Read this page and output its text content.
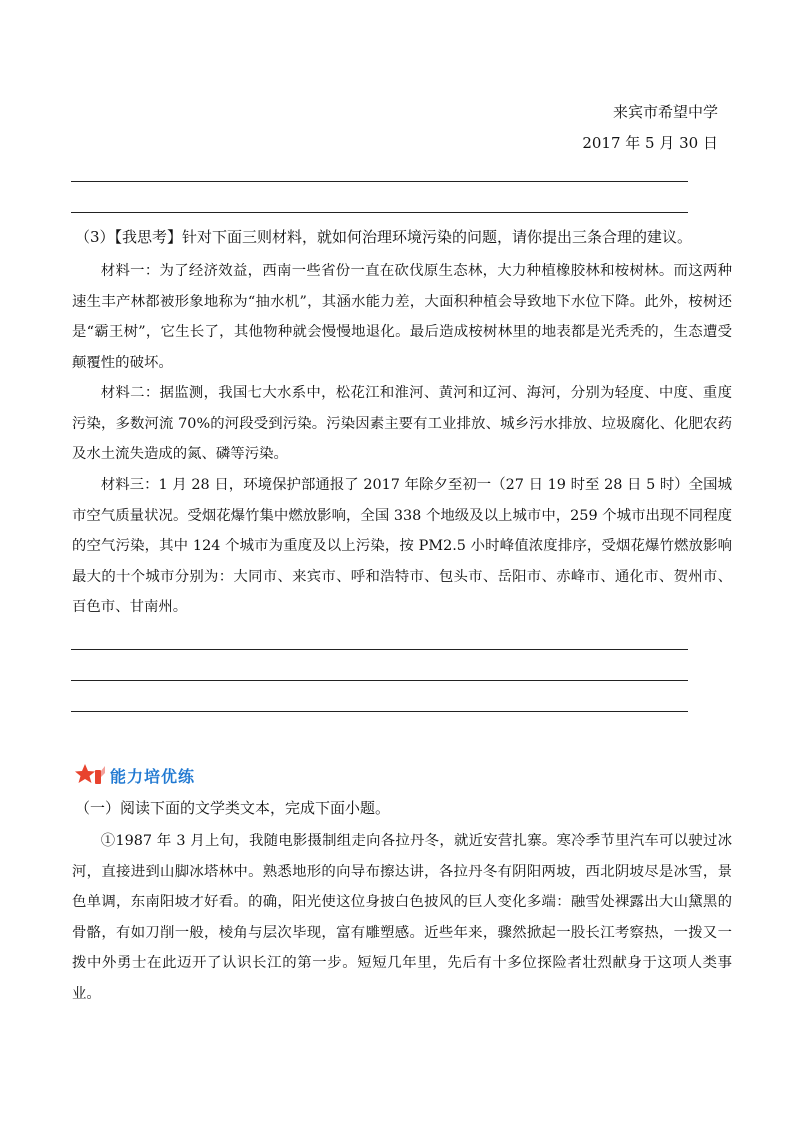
来宾市希望中学
2017 年 5 月 30 日
（3）【我思考】针对下面三则材料，就如何治理环境污染的问题，请你提出三条合理的建议。

材料一：为了经济效益，西南一些省份一直在砍伐原生态林，大力种植橡胶林和桉树林。而这两种速生丰产林都被形象地称为“抽水机”，其涵水能力差，大面积种植会导致地下水位下降。此外，桉树还是“霸王树”，它生长了，其他物种就会慢慢地退化。最后造成桉树林里的地表都是光秃秃的，生态遭受颠覆性的破坏。

材料二：据监测，我国七大水系中，松花江和淮河、黄河和辽河、海河，分别为轻度、中度、重度污染，多数河流 70%的河段受到污染。污染因素主要有工业排放、城乡污水排放、垃圾腐化、化肥农药及水土流失造成的氮、磷等污染。

材料三：1 月 28 日，环境保护部通报了 2017 年除夕至初一（27 日 19 时至 28 日 5 时）全国城市空气质量状况。受烟花爆竹集中燃放影响，全国 338 个地级及以上城市中，259 个城市出现不同程度的空气污染，其中 124 个城市为重度及以上污染，按 PM2.5 小时峰值浓度排序，受烟花爆竹燃放影响最大的十个城市分别为：大同市、来宾市、呼和浩特市、包头市、岳阳市、赤峰市、通化市、贺州市、百色市、甘南州。

能力培优练
（一）阅读下面的文学类文本，完成下面小题。

①1987 年 3 月上旬，我随电影摄制组走向各拉丹冬，就近安营扎寨。寒冷季节里汽车可以驶过冰河，直接进到山脚冰塔林中。熟悉地形的向导布擦达讲，各拉丹冬有阴阳两坡，西北阴坡尽是冰雪，景色单调，东南阳坡才好看。的确，阳光使这位身披白色披风的巨人变化多端：融雪处裸露出大山黛黑的骨骼，有如刀削一般，棱角与层次毕现，富有雕塑感。近些年来，骤然掀起一股长江考察热，一拨又一拨中外勇士在此迈开了认识长江的第一步。短短几年里，先后有十多位探险者壮烈献身于这项人类事业。
